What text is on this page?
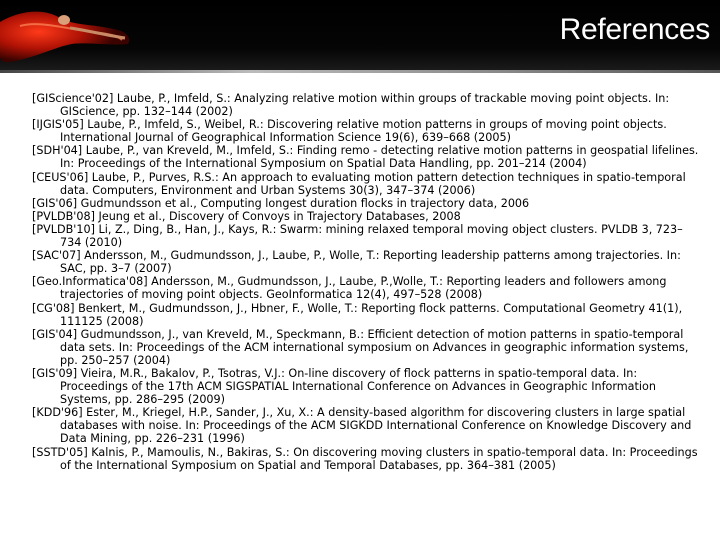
References

[GIScience'02] Laube, P., Imfeld, S.: Analyzing relative motion within groups of trackable moving point objects. In: GIScience, pp. 132–144 (2002)

[IJGIS'05] Laube, P., Imfeld, S., Weibel, R.: Discovering relative motion patterns in groups of moving point objects. International Journal of Geographical Information Science 19(6), 639–668 (2005)

[SDH'04] Laube, P., van Kreveld, M., Imfeld, S.: Finding remo - detecting relative motion patterns in geospatial lifelines. In: Proceedings of the International Symposium on Spatial Data Handling, pp. 201–214 (2004)

[CEUS'06] Laube, P., Purves, R.S.: An approach to evaluating motion pattern detection techniques in spatio-temporal data. Computers, Environment and Urban Systems 30(3), 347–374 (2006)

[GIS'06] Gudmundsson et al., Computing longest duration flocks in trajectory data, 2006

[PVLDB'08] Jeung et al., Discovery of Convoys in Trajectory Databases, 2008

[PVLDB'10] Li, Z., Ding, B., Han, J., Kays, R.: Swarm: mining relaxed temporal moving object clusters. PVLDB 3, 723–734 (2010)

[SAC'07] Andersson, M., Gudmundsson, J., Laube, P., Wolle, T.: Reporting leadership patterns among trajectories. In: SAC, pp. 3–7 (2007)

[Geo.Informatica'08] Andersson, M., Gudmundsson, J., Laube, P.,Wolle, T.: Reporting leaders and followers among trajectories of moving point objects. GeoInformatica 12(4), 497–528 (2008)

[CG'08] Benkert, M., Gudmundsson, J., Hbner, F., Wolle, T.: Reporting flock patterns. Computational Geometry 41(1), 111125 (2008)

[GIS'04] Gudmundsson, J., van Kreveld, M., Speckmann, B.: Efficient detection of motion patterns in spatio-temporal data sets. In: Proceedings of the ACM international symposium on Advances in geographic information systems, pp. 250–257 (2004)

[GIS'09] Vieira, M.R., Bakalov, P., Tsotras, V.J.: On-line discovery of flock patterns in spatio-temporal data. In: Proceedings of the 17th ACM SIGSPATIAL International Conference on Advances in Geographic Information Systems, pp. 286–295 (2009)

[KDD'96] Ester, M., Kriegel, H.P., Sander, J., Xu, X.: A density-based algorithm for discovering clusters in large spatial databases with noise. In: Proceedings of the ACM SIGKDD International Conference on Knowledge Discovery and Data Mining, pp. 226–231 (1996)

[SSTD'05] Kalnis, P., Mamoulis, N., Bakiras, S.: On discovering moving clusters in spatio-temporal data. In: Proceedings of the International Symposium on Spatial and Temporal Databases, pp. 364–381 (2005)
